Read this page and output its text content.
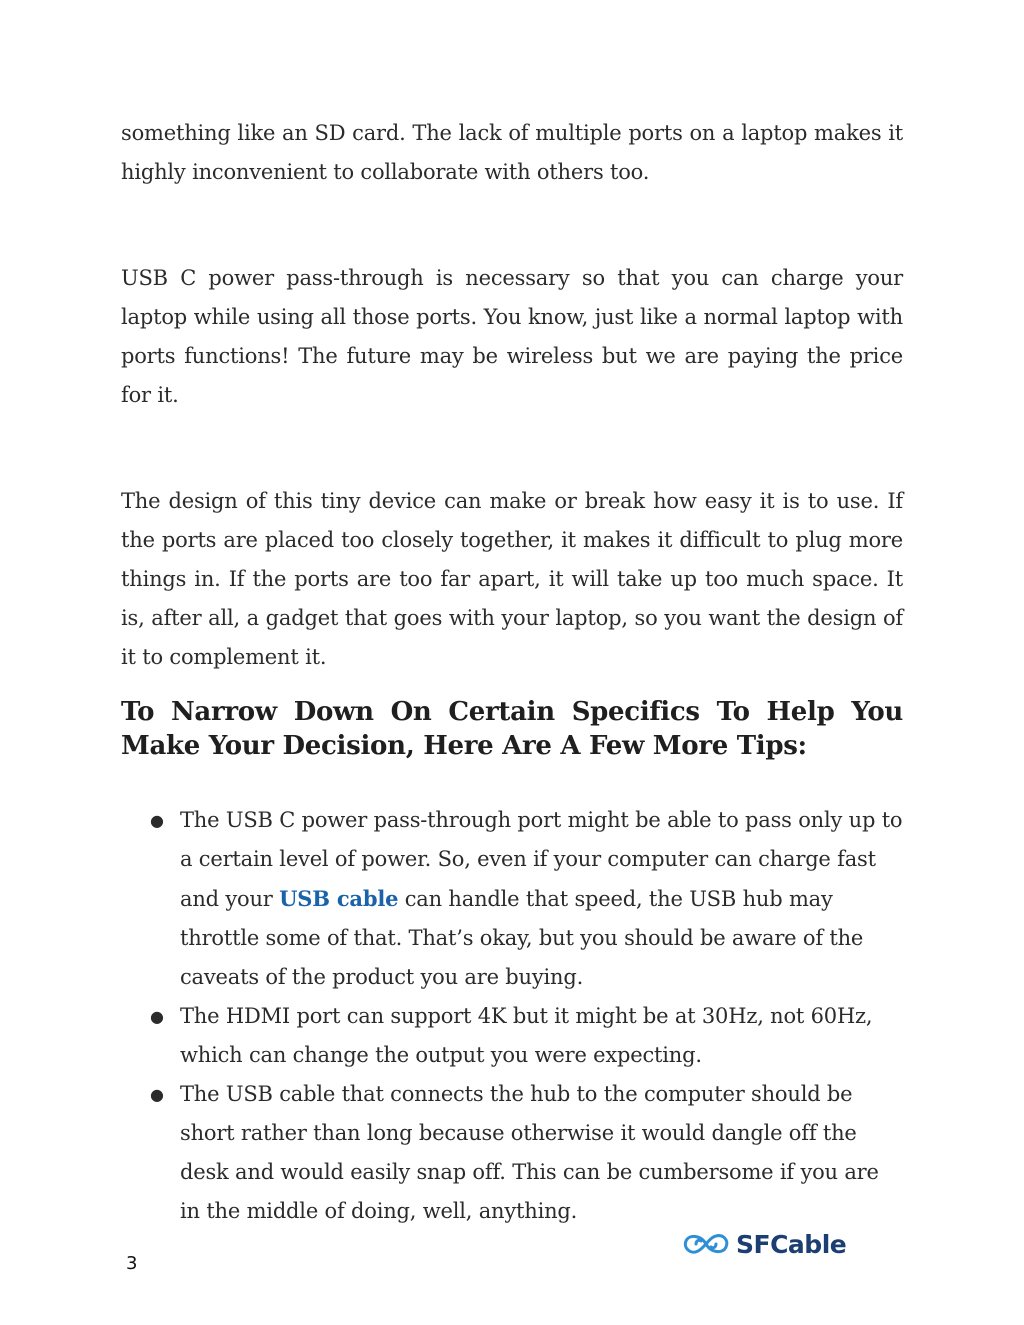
something like an SD card. The lack of multiple ports on a laptop makes it highly inconvenient to collaborate with others too.

USB C power pass-through is necessary so that you can charge your laptop while using all those ports. You know, just like a normal laptop with ports functions! The future may be wireless but we are paying the price for it.

The design of this tiny device can make or break how easy it is to use. If the ports are placed too closely together, it makes it difficult to plug more things in. If the ports are too far apart, it will take up too much space. It is, after all, a gadget that goes with your laptop, so you want the design of it to complement it.

To Narrow Down On Certain Specifics To Help You Make Your Decision, Here Are A Few More Tips:
● The USB C power pass-through port might be able to pass only up to a certain level of power. So, even if your computer can charge fast and your USB cable can handle that speed, the USB hub may throttle some of that. That’s okay, but you should be aware of the caveats of the product you are buying.
● The HDMI port can support 4K but it might be at 30Hz, not 60Hz, which can change the output you were expecting.
● The USB cable that connects the hub to the computer should be short rather than long because otherwise it would dangle off the desk and would easily snap off. This can be cumbersome if you are in the middle of doing, well, anything.
3
SFCable
